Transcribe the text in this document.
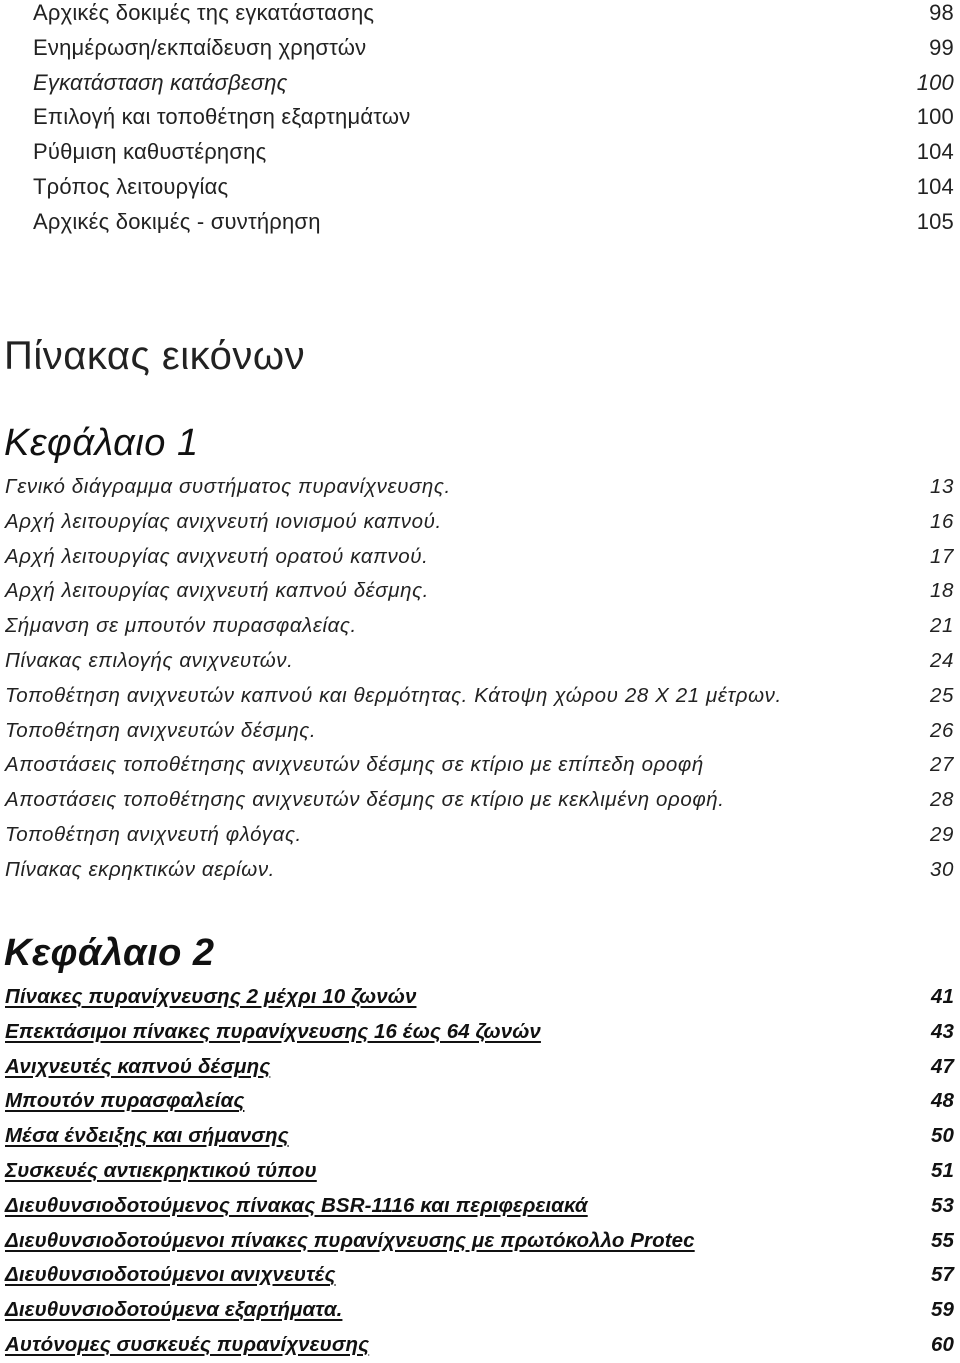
Αρχικές δοκιμές της εγκατάστασης	98
Ενημέρωση/εκπαίδευση χρηστών	99
Εγκατάσταση κατάσβεσης	100
Επιλογή και τοποθέτηση εξαρτημάτων	100
Ρύθμιση καθυστέρησης	104
Τρόπος λειτουργίας	104
Αρχικές δοκιμές - συντήρηση	105
Πίνακας εικόνων
Κεφάλαιο 1
Γενικό διάγραμμα συστήματος πυρανίχνευσης.	13
Αρχή λειτουργίας ανιχνευτή ιονισμού καπνού.	16
Αρχή λειτουργίας ανιχνευτή ορατού καπνού.	17
Αρχή λειτουργίας ανιχνευτή καπνού δέσμης.	18
Σήμανση σε μπουτόν πυρασφαλείας.	21
Πίνακας επιλογής ανιχνευτών.	24
Τοποθέτηση ανιχνευτών καπνού και θερμότητας. Κάτοψη χώρου 28 Χ 21 μέτρων.	25
Τοποθέτηση ανιχνευτών δέσμης.	26
Αποστάσεις τοποθέτησης ανιχνευτών δέσμης σε κτίριο με επίπεδη οροφή	27
Αποστάσεις τοποθέτησης ανιχνευτών δέσμης σε κτίριο με κεκλιμένη οροφή.	28
Τοποθέτηση ανιχνευτή φλόγας.	29
Πίνακας εκρηκτικών αερίων.	30
Κεφάλαιο 2
Πίνακες πυρανίχνευσης 2 μέχρι 10 ζωνών	41
Επεκτάσιμοι πίνακες πυρανίχνευσης 16 έως 64 ζωνών	43
Ανιχνευτές καπνού δέσμης	47
Μπουτόν πυρασφαλείας	48
Μέσα ένδειξης και σήμανσης	50
Συσκευές αντιεκρηκτικού τύπου	51
Διευθυνσιοδοτούμενος πίνακας BSR-1116 και περιφερειακά	53
Διευθυνσιοδοτούμενοι πίνακες πυρανίχνευσης με πρωτόκολλο Protec	55
Διευθυνσιοδοτούμενοι ανιχνευτές	57
Διευθυνσιοδοτούμενα εξαρτήματα.	59
Αυτόνομες συσκευές πυρανίχνευσης	60
